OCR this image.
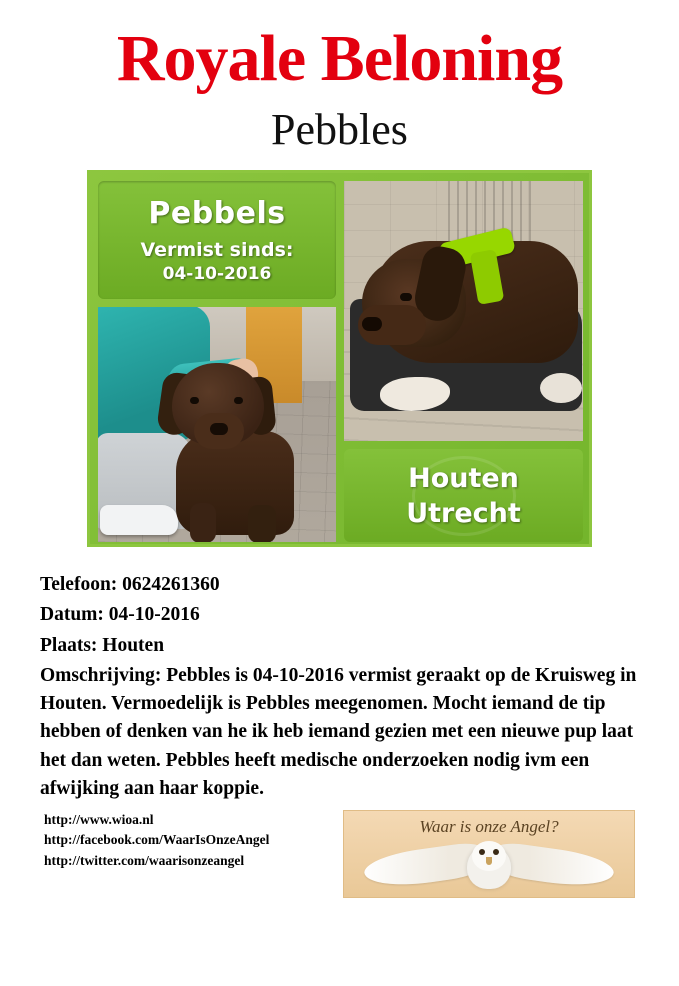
Royale Beloning
Pebbles
Pebbels
Vermist sinds:
04-10-2016
Houten
Utrecht
Telefoon: 0624261360
Datum: 04-10-2016
Plaats: Houten
Omschrijving: Pebbles is 04-10-2016 vermist geraakt op de Kruisweg in Houten. Vermoedelijk is Pebbles meegenomen. Mocht iemand de tip hebben of denken van he ik heb iemand gezien met een nieuwe pup laat het dan weten. Pebbles heeft medische onderzoeken nodig ivm een afwijking aan haar koppie.
http://www.wioa.nl
http://facebook.com/WaarIsOnzeAngel
http://twitter.com/waarisonzeangel
Waar is onze Angel?
